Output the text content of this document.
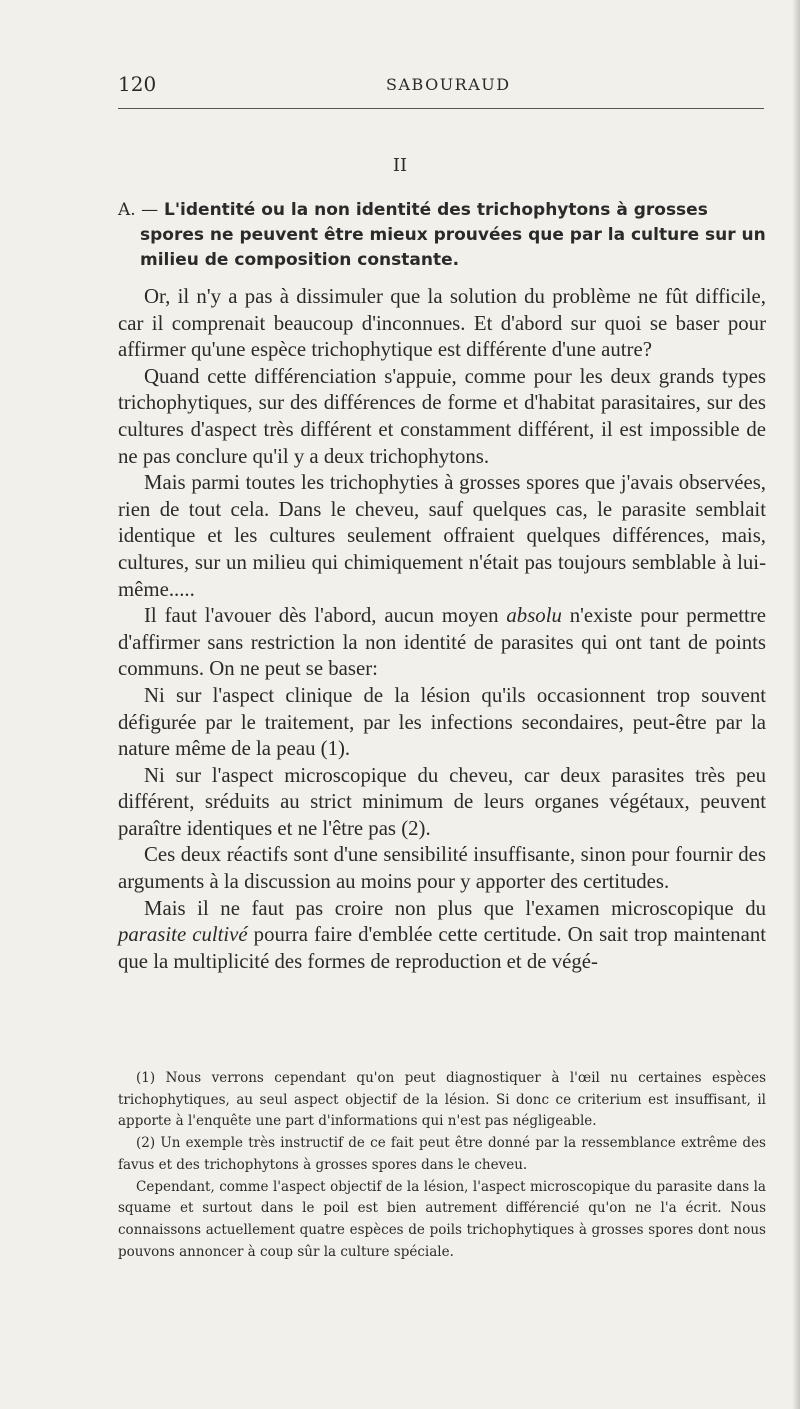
120	SABOURAUD
II
A. — L'identité ou la non identité des trichophytons à grosses spores ne peuvent être mieux prouvées que par la culture sur un milieu de composition constante.

Or, il n'y a pas à dissimuler que la solution du problème ne fût difficile, car il comprenait beaucoup d'inconnues. Et d'abord sur quoi se baser pour affirmer qu'une espèce trichophytique est différente d'une autre?

Quand cette différenciation s'appuie, comme pour les deux grands types trichophytiques, sur des différences de forme et d'habitat parasitaires, sur des cultures d'aspect très différent et constamment différent, il est impossible de ne pas conclure qu'il y a deux trichophytons.

Mais parmi toutes les trichophyties à grosses spores que j'avais observées, rien de tout cela. Dans le cheveu, sauf quelques cas, le parasite semblait identique et les cultures seulement offraient quelques différences, mais, cultures, sur un milieu qui chimiquement n'était pas toujours semblable à lui-même.....

Il faut l'avouer dès l'abord, aucun moyen absolu n'existe pour permettre d'affirmer sans restriction la non identité de parasites qui ont tant de points communs. On ne peut se baser:

Ni sur l'aspect clinique de la lésion qu'ils occasionnent trop souvent défigurée par le traitement, par les infections secondaires, peut-être par la nature même de la peau (1).

Ni sur l'aspect microscopique du cheveu, car deux parasites très peu différent, sréduits au strict minimum de leurs organes végétaux, peuvent paraître identiques et ne l'être pas (2).

Ces deux réactifs sont d'une sensibilité insuffisante, sinon pour fournir des arguments à la discussion au moins pour y apporter des certitudes.

Mais il ne faut pas croire non plus que l'examen microscopique du parasite cultivé pourra faire d'emblée cette certitude. On sait trop maintenant que la multiplicité des formes de reproduction et de végé-

(1) Nous verrons cependant qu'on peut diagnostiquer à l'œil nu certaines espèces trichophytiques, au seul aspect objectif de la lésion. Si donc ce criterium est insuffisant, il apporte à l'enquête une part d'informations qui n'est pas négligeable.

(2) Un exemple très instructif de ce fait peut être donné par la ressemblance extrême des favus et des trichophytons à grosses spores dans le cheveu.

Cependant, comme l'aspect objectif de la lésion, l'aspect microscopique du parasite dans la squame et surtout dans le poil est bien autrement différencié qu'on ne l'a écrit. Nous connaissons actuellement quatre espèces de poils trichophytiques à grosses spores dont nous pouvons annoncer à coup sûr la culture spéciale.
